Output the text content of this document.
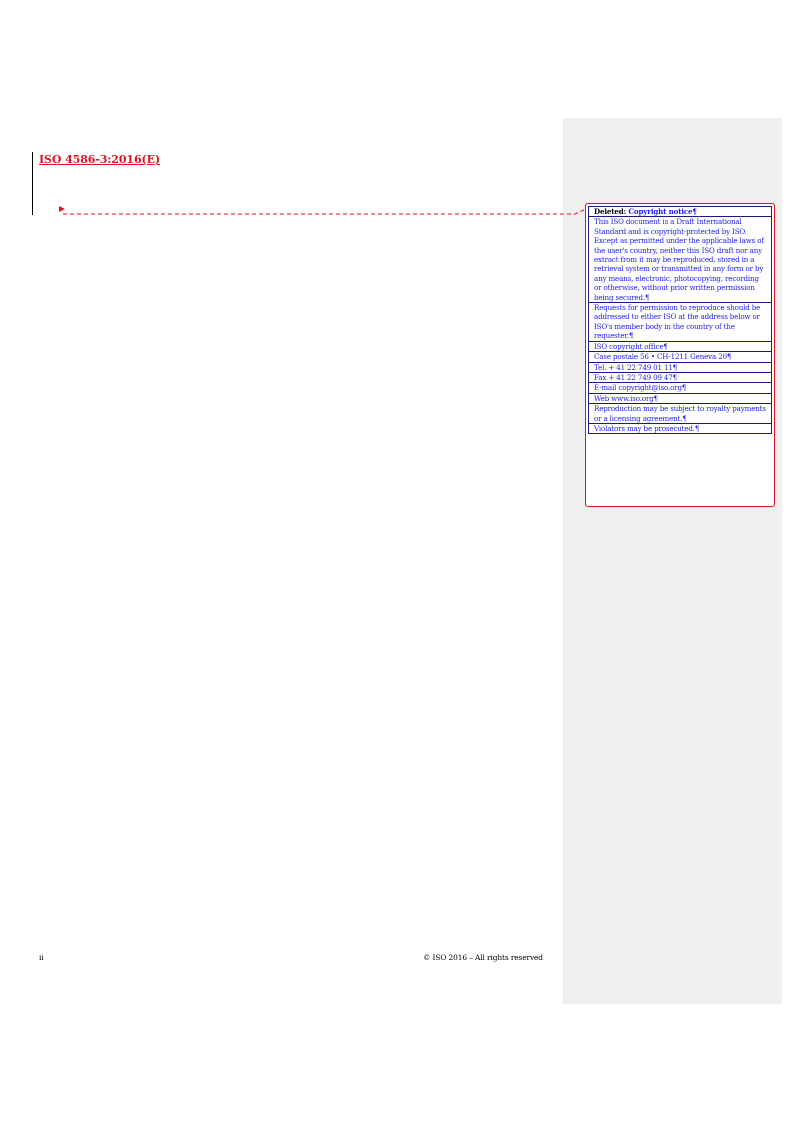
ISO 4586-3:2016(E)
Deleted: Copyright notice¶
This ISO document is a Draft International Standard and is copyright-protected by ISO. Except as permitted under the applicable laws of the user's country, neither this ISO draft nor any extract from it may be reproduced, stored in a retrieval system or transmitted in any form or by any means, electronic, photocopying, recording or otherwise, without prior written permission being secured.¶
Requests for permission to reproduce should be addressed to either ISO at the address below or ISO's member body in the country of the requester.¶
ISO copyright office¶
Case postale 56 • CH-1211 Geneva 20¶
Tel. + 41 22 749 01 11¶
Fax + 41 22 749 09 47¶
E-mail copyright@iso.org¶
Web www.iso.org¶
Reproduction may be subject to royalty payments or a licensing agreement.¶
Violators may be prosecuted.¶
ii	© ISO 2016 – All rights reserved
